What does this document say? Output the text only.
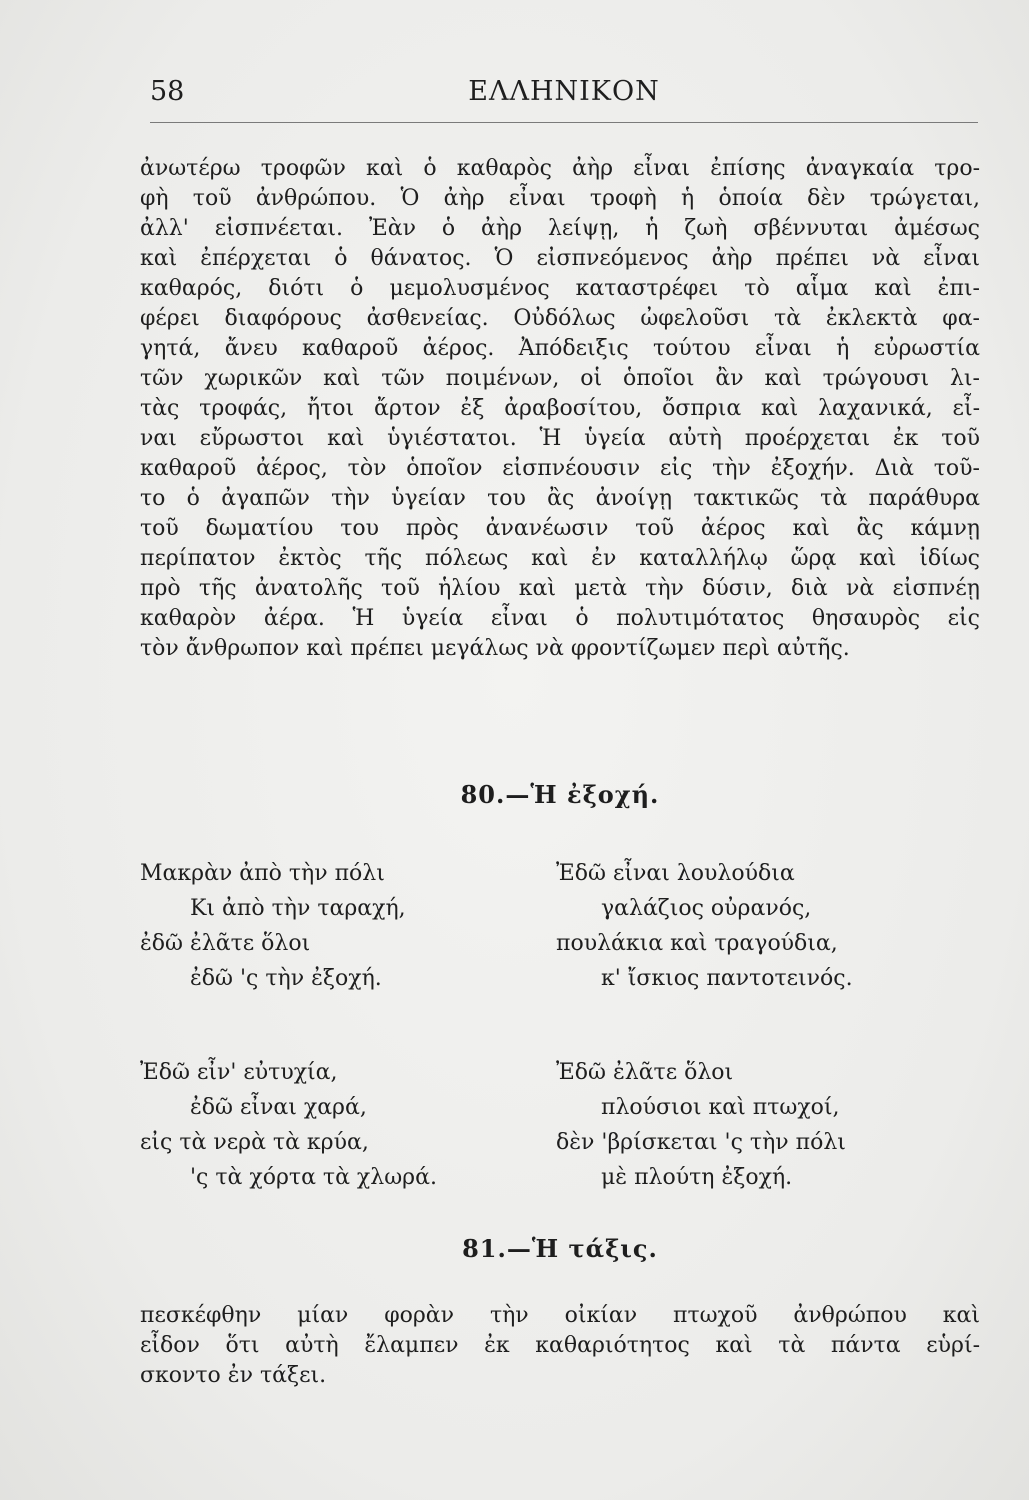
58	ΕΛΛΗΝΙΚΟΝ
ἀνωτέρω τροφῶν καὶ ὁ καθαρὸς ἀὴρ εἶναι ἐπίσης ἀναγκαία τρο-
φὴ τοῦ ἀνθρώπου. Ὁ ἀὴρ εἶναι τροφὴ ἡ ὁποία δὲν τρώγεται,
ἀλλ' εἰσπνέεται. Ἐὰν ὁ ἀὴρ λείψῃ, ἡ ζωὴ σβέννυται ἀμέσως
καὶ ἐπέρχεται ὁ θάνατος. Ὁ εἰσπνεόμενος ἀὴρ πρέπει νὰ εἶναι
καθαρός, διότι ὁ μεμολυσμένος καταστρέφει τὸ αἷμα καὶ ἐπι-
φέρει διαφόρους ἀσθενείας. Οὐδόλως ὠφελοῦσι τὰ ἐκλεκτὰ φα-
γητά, ἄνευ καθαροῦ ἀέρος. Ἀπόδειξις τούτου εἶναι ἡ εὐρωστία
τῶν χωρικῶν καὶ τῶν ποιμένων, οἱ ὁποῖοι ἂν καὶ τρώγουσι λι-
τὰς τροφάς, ἤτοι ἄρτον ἐξ ἀραβοσίτου, ὄσπρια καὶ λαχανικά, εἶ-
ναι εὔρωστοι καὶ ὑγιέστατοι. Ἡ ὑγεία αὐτὴ προέρχεται ἐκ τοῦ
καθαροῦ ἀέρος, τὸν ὁποῖον εἰσπνέουσιν εἰς τὴν ἐξοχήν. Διὰ τοῦ-
το ὁ ἀγαπῶν τὴν ὑγείαν του ἂς ἀνοίγῃ τακτικῶς τὰ παράθυρα
τοῦ δωματίου του πρὸς ἀνανέωσιν τοῦ ἀέρος καὶ ἂς κάμνῃ
περίπατον ἐκτὸς τῆς πόλεως καὶ ἐν καταλλήλῳ ὥρᾳ καὶ ἰδίως
πρὸ τῆς ἀνατολῆς τοῦ ἡλίου καὶ μετὰ τὴν δύσιν, διὰ νὰ εἰσπνέῃ
καθαρὸν ἀέρα. Ἡ ὑγεία εἶναι ὁ πολυτιμότατος θησαυρὸς εἰς
τὸν ἄνθρωπον καὶ πρέπει μεγάλως νὰ φροντίζωμεν περὶ αὐτῆς.
80.—Ἡ ἐξοχή.
Μακρὰν ἀπὸ τὴν πόλι
Κι ἀπὸ τὴν ταραχή,
ἐδῶ ἐλᾶτε ὅλοι
ἐδῶ 'ς τὴν ἐξοχή.
Ἐδῶ εἶναι λουλούδια
γαλάζιος οὐρανός,
πουλάκια καὶ τραγούδια,
κ' ἴσκιος παντοτεινός.
Ἐδῶ εἶν' εὐτυχία,
ἐδῶ εἶναι χαρά,
εἰς τὰ νερὰ τὰ κρύα,
'ς τὰ χόρτα τὰ χλωρά.
Ἐδῶ ἐλᾶτε ὅλοι
πλούσιοι καὶ πτωχοί,
δὲν 'βρίσκεται 'ς τὴν πόλι
μὲ πλούτη ἐξοχή.
81.—Ἡ τάξις.
πεσκέφθην μίαν φορὰν τὴν οἰκίαν πτωχοῦ ἀνθρώπου καὶ
εἶδον ὅτι αὐτὴ ἔλαμπεν ἐκ καθαριότητος καὶ τὰ πάντα εὑρί-
σκοντο ἐν τάξει.
